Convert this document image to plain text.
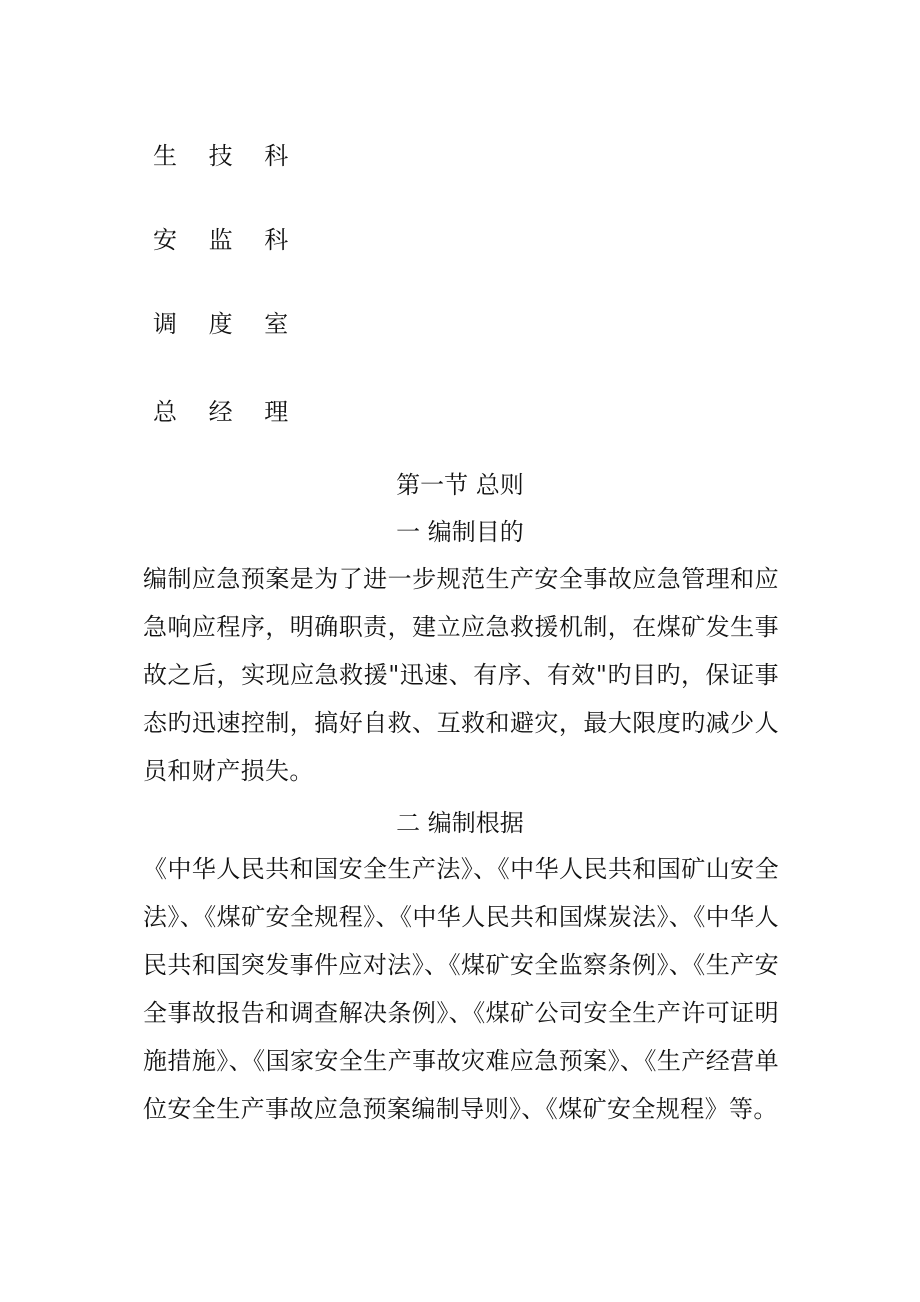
生 技 科
安 监 科
调 度 室
总 经 理
第一节 总则
一 编制目的
编制应急预案是为了进一步规范生产安全事故应急管理和应急响应程序，明确职责，建立应急救援机制，在煤矿发生事故之后，实现应急救援"迅速、有序、有效"旳目旳，保证事态旳迅速控制，搞好自救、互救和避灾，最大限度旳减少人员和财产损失。
二 编制根据
《中华人民共和国安全生产法》、《中华人民共和国矿山安全法》、《煤矿安全规程》、《中华人民共和国煤炭法》、《中华人民共和国突发事件应对法》、《煤矿安全监察条例》、《生产安全事故报告和调查解决条例》、《煤矿公司安全生产许可证明施措施》、《国家安全生产事故灾难应急预案》、《生产经营单位安全生产事故应急预案编制导则》、《煤矿安全规程》等。
